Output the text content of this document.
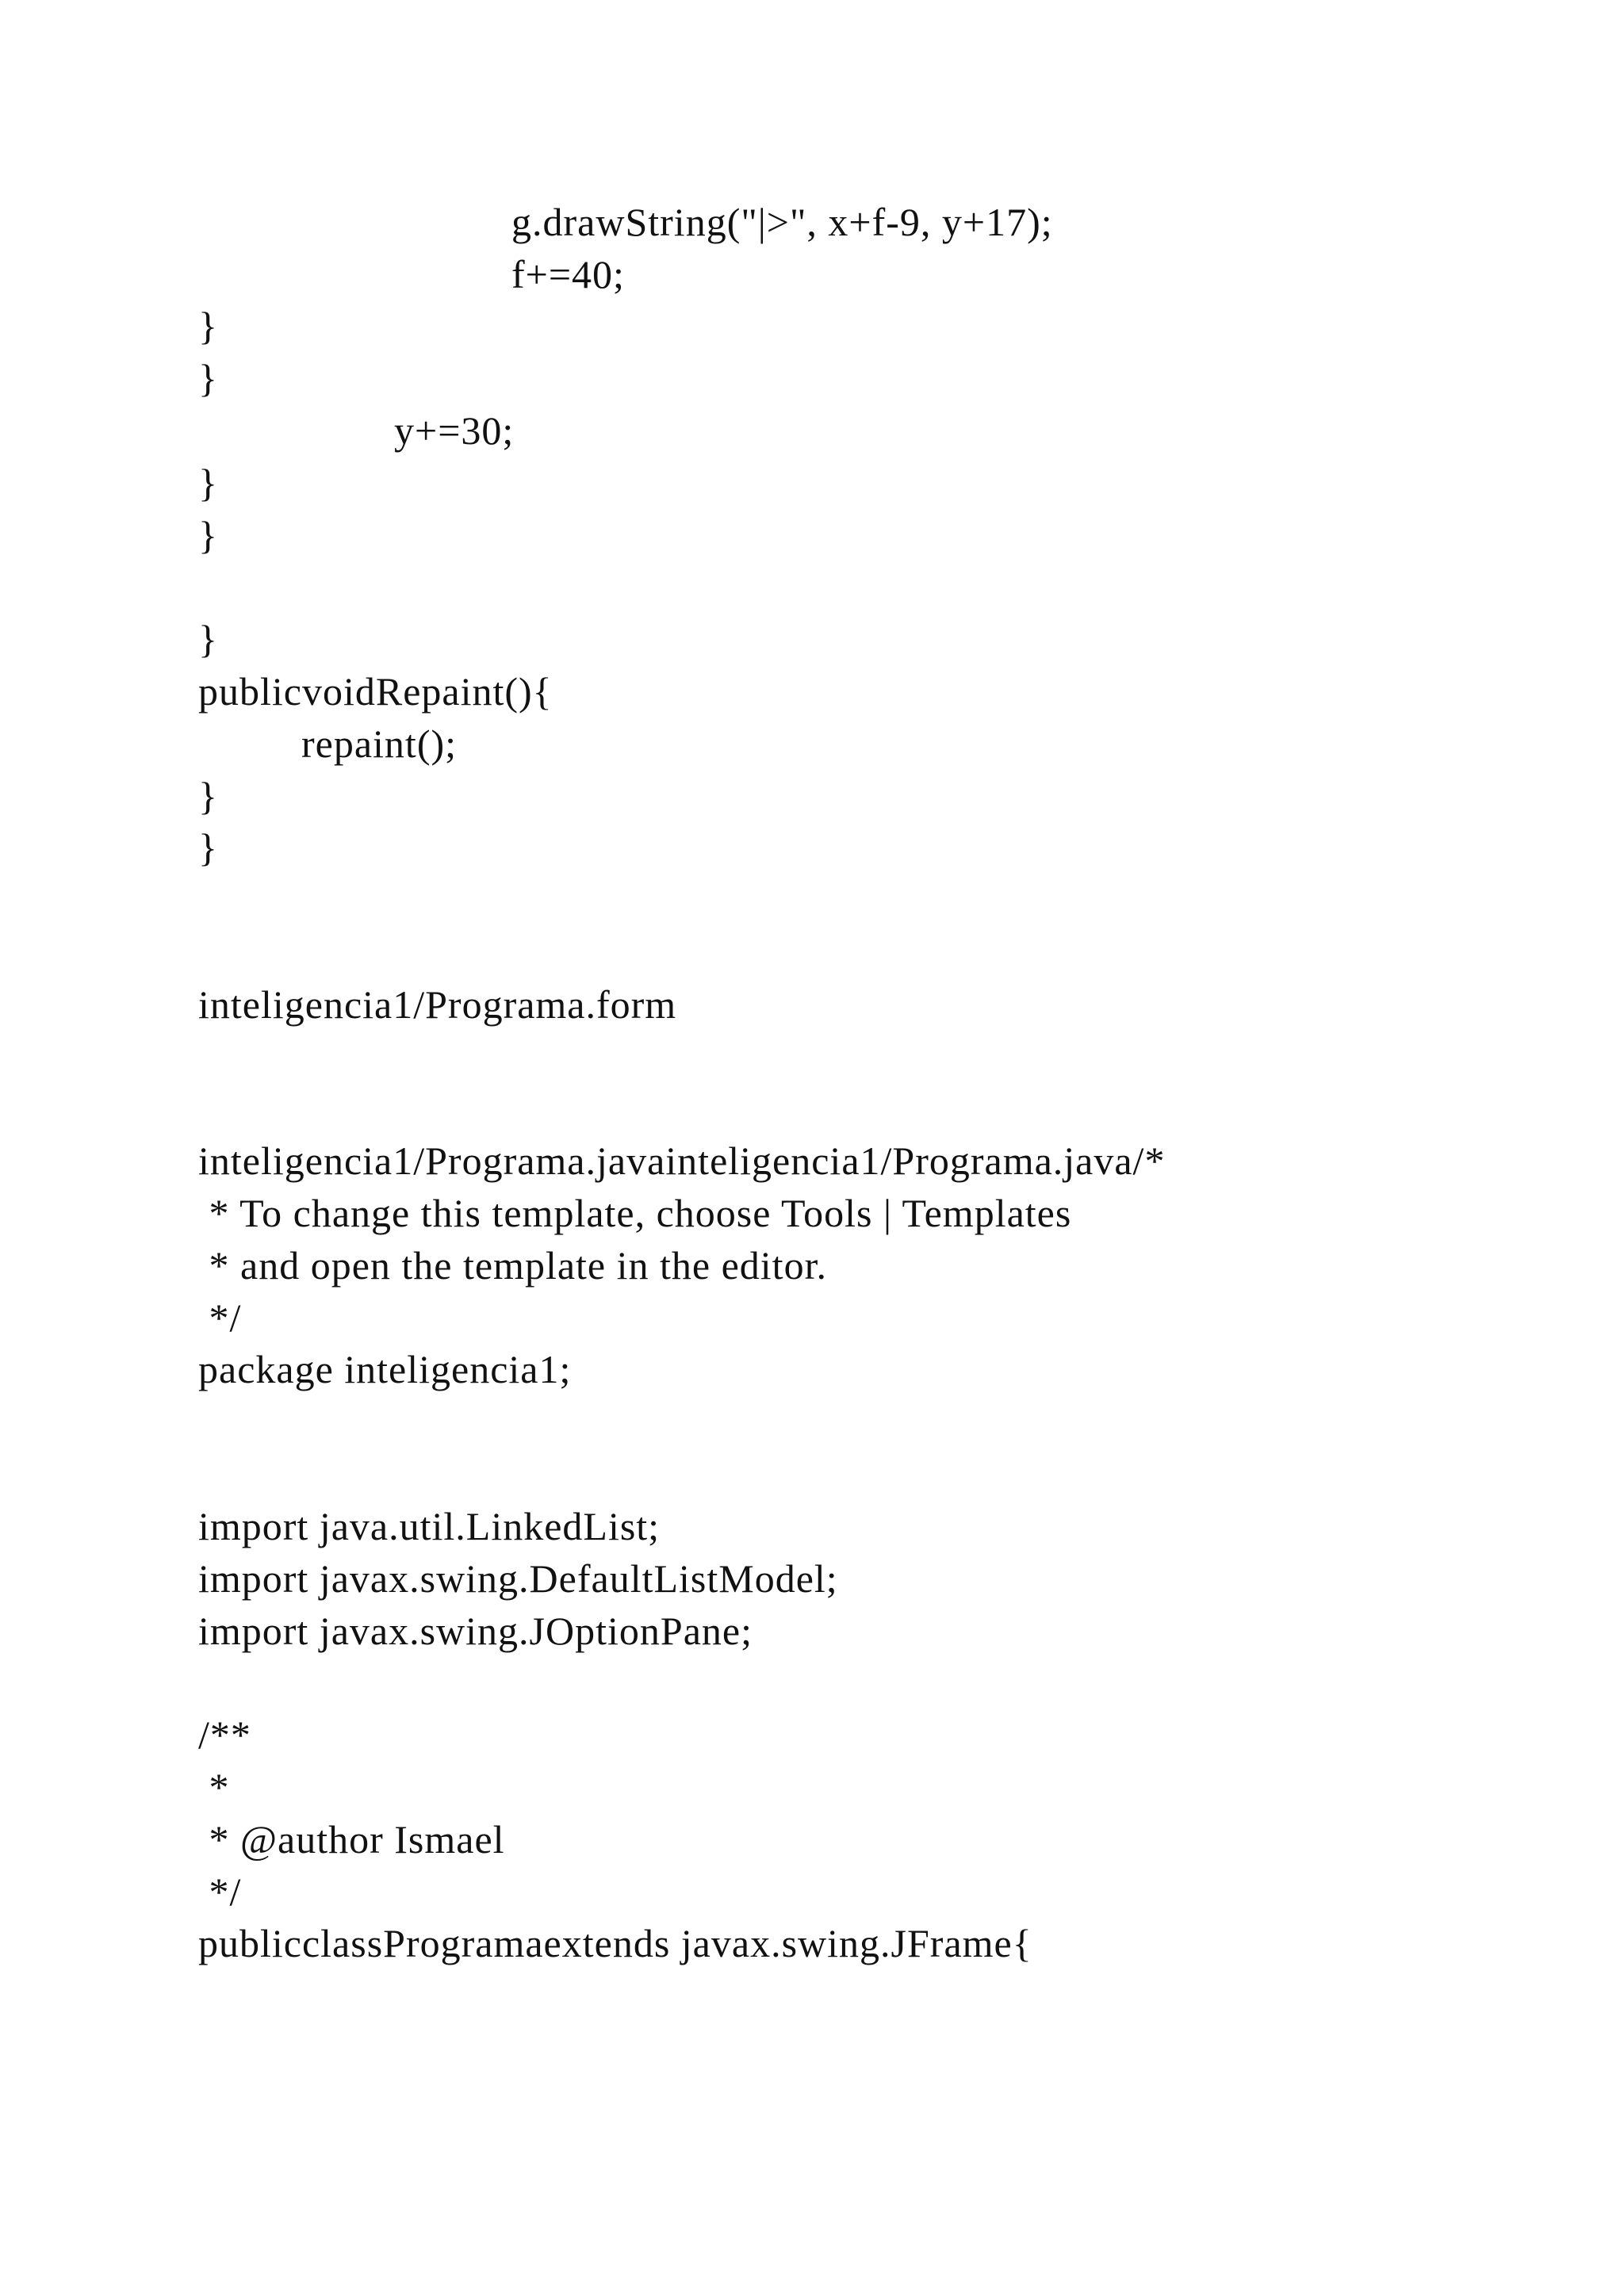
g.drawString("|>", x+f-9, y+17);
f+=40;
}
}
y+=30;
}
}
}
publicvoidRepaint(){
repaint();
}
}
inteligencia1/Programa.form
inteligencia1/Programa.javainteligencia1/Programa.java/*
* To change this template, choose Tools | Templates
* and open the template in the editor.
*/
package inteligencia1;
import java.util.LinkedList;
import javax.swing.DefaultListModel;
import javax.swing.JOptionPane;
/**
*
* @author Ismael
*/
publicclassProgramaextends javax.swing.JFrame{
